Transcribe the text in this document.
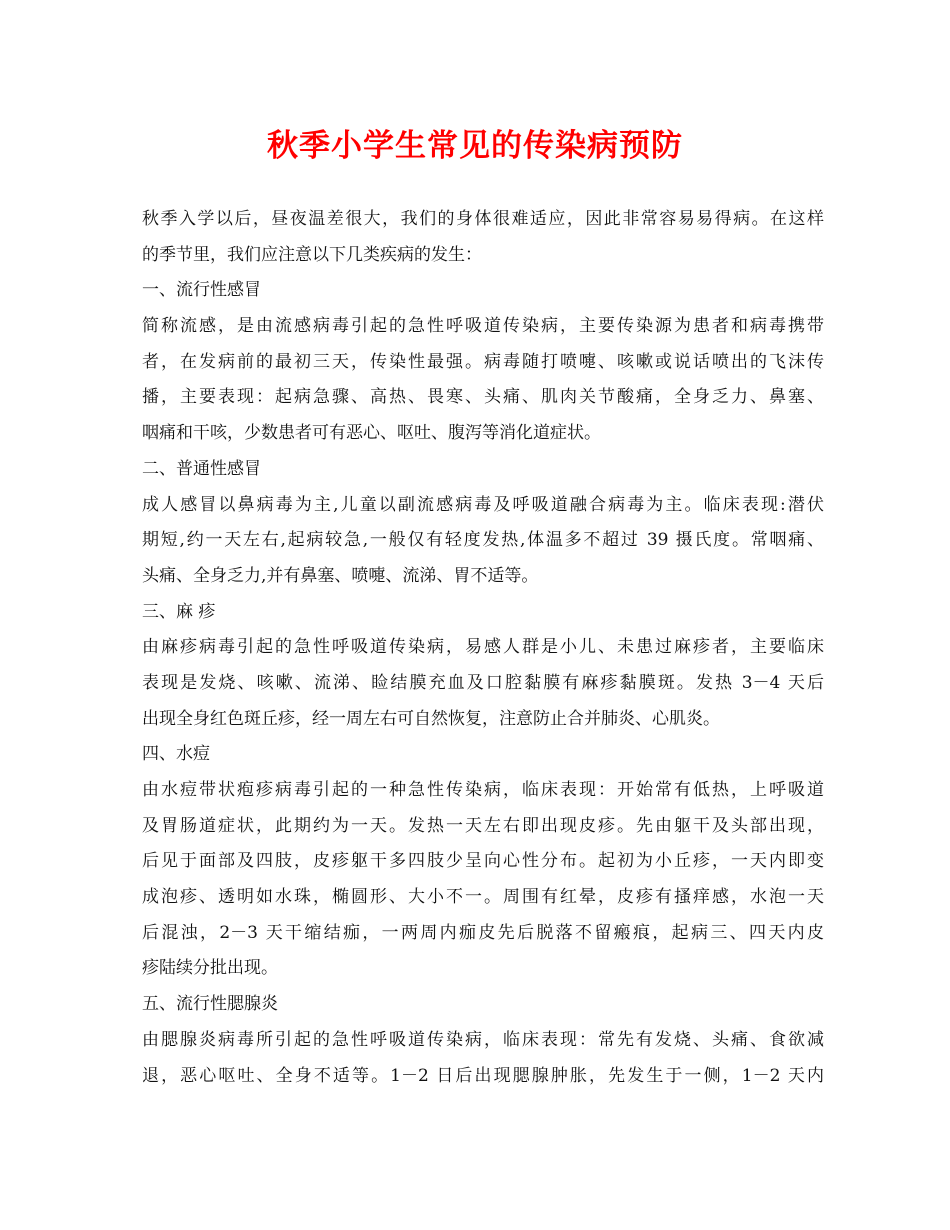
秋季小学生常见的传染病预防
秋季入学以后，昼夜温差很大，我们的身体很难适应，因此非常容易易得病。在这样
的季节里，我们应注意以下几类疾病的发生：
一、流行性感冒
简称流感，是由流感病毒引起的急性呼吸道传染病，主要传染源为患者和病毒携带
者，在发病前的最初三天，传染性最强。病毒随打喷嚏、咳嗽或说话喷出的飞沫传
播，主要表现：起病急骤、高热、畏寒、头痛、肌肉关节酸痛，全身乏力、鼻塞、
咽痛和干咳，少数患者可有恶心、呕吐、腹泻等消化道症状。
二、普通性感冒
成人感冒以鼻病毒为主,儿童以副流感病毒及呼吸道融合病毒为主。临床表现:潜伏
期短,约一天左右,起病较急,一般仅有轻度发热,体温多不超过 39 摄氏度。常咽痛、
头痛、全身乏力,并有鼻塞、喷嚏、流涕、胃不适等。
三、麻 疹
由麻疹病毒引起的急性呼吸道传染病，易感人群是小儿、未患过麻疹者，主要临床
表现是发烧、咳嗽、流涕、睑结膜充血及口腔黏膜有麻疹黏膜斑。发热 3－4 天后
出现全身红色斑丘疹，经一周左右可自然恢复，注意防止合并肺炎、心肌炎。
四、水痘
由水痘带状疱疹病毒引起的一种急性传染病，临床表现：开始常有低热，上呼吸道
及胃肠道症状，此期约为一天。发热一天左右即出现皮疹。先由躯干及头部出现，
后见于面部及四肢，皮疹躯干多四肢少呈向心性分布。起初为小丘疹，一天内即变
成泡疹、透明如水珠，椭圆形、大小不一。周围有红晕，皮疹有搔痒感，水泡一天
后混浊，2－3 天干缩结痂，一两周内痂皮先后脱落不留瘢痕，起病三、四天内皮
疹陆续分批出现。
五、流行性腮腺炎
由腮腺炎病毒所引起的急性呼吸道传染病，临床表现：常先有发烧、头痛、食欲减
退，恶心呕吐、全身不适等。1－2 日后出现腮腺肿胀，先发生于一侧，1－2 天内
